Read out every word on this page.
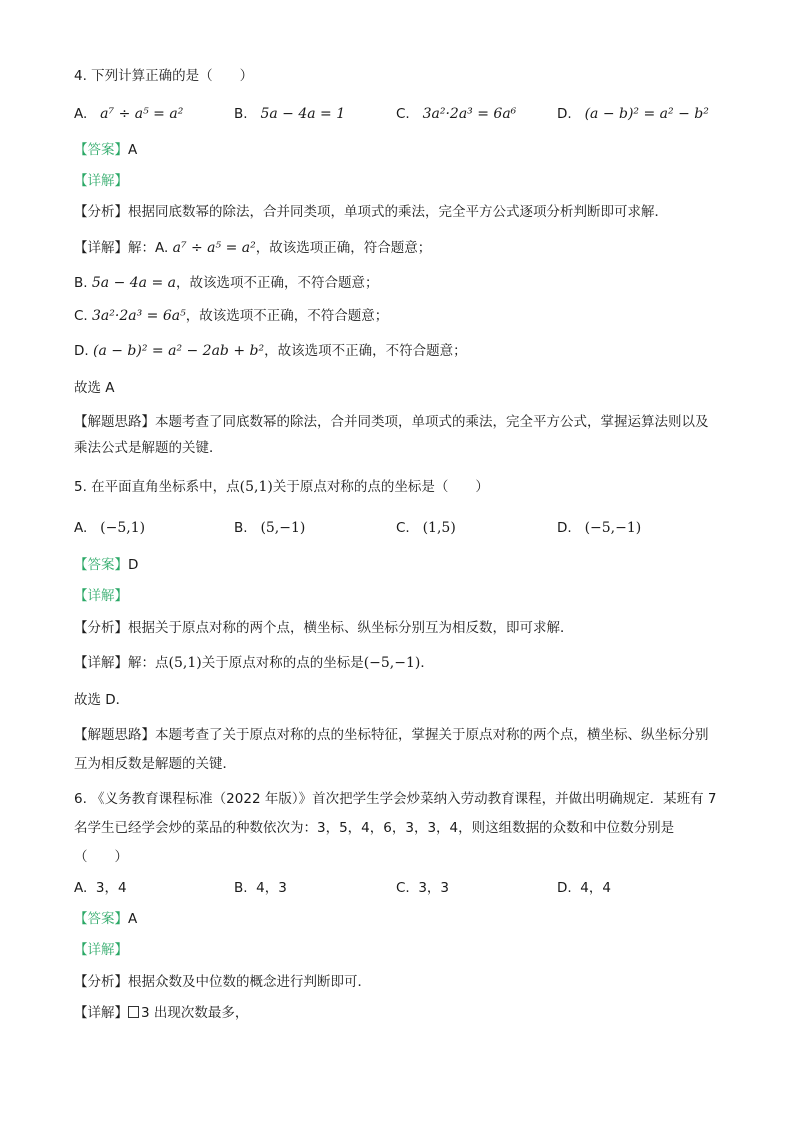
4. 下列计算正确的是（　　）
A. a⁷ ÷ a⁵ = a²	B. 5a − 4a = 1	C. 3a²·2a³ = 6a⁶	D. (a − b)² = a² − b²
【答案】A
【详解】
【分析】根据同底数幂的除法，合并同类项，单项式的乘法，完全平方公式逐项分析判断即可求解．
【详解】解：A. a⁷ ÷ a⁵ = a²，故该选项正确，符合题意；
B. 5a − 4a = a，故该选项不正确，不符合题意；
C. 3a²·2a³ = 6a⁵，故该选项不正确，不符合题意；
D. (a − b)² = a² − 2ab + b²，故该选项不正确，不符合题意；
故选 A
【解题思路】本题考查了同底数幂的除法，合并同类项，单项式的乘法，完全平方公式，掌握运算法则以及乘法公式是解题的关键．
5. 在平面直角坐标系中，点(5,1)关于原点对称的点的坐标是（　　）
A. (−5,1)	B. (5,−1)	C. (1,5)	D. (−5,−1)
【答案】D
【详解】
【分析】根据关于原点对称的两个点，横坐标、纵坐标分别互为相反数，即可求解．
【详解】解：点(5,1)关于原点对称的点的坐标是(−5,−1)．
故选 D．
【解题思路】本题考查了关于原点对称的点的坐标特征，掌握关于原点对称的两个点，横坐标、纵坐标分别互为相反数是解题的关键．
6. 《义务教育课程标准（2022 年版）》首次把学生学会炒菜纳入劳动教育课程，并做出明确规定．某班有 7 名学生已经学会炒的菜品的种数依次为：3，5，4，6，3，3，4，则这组数据的众数和中位数分别是（　　）
A. 3，4	B. 4，3	C. 3，3	D. 4，4
【答案】A
【详解】
【分析】根据众数及中位数的概念进行判断即可．
【详解】 3 出现次数最多，
